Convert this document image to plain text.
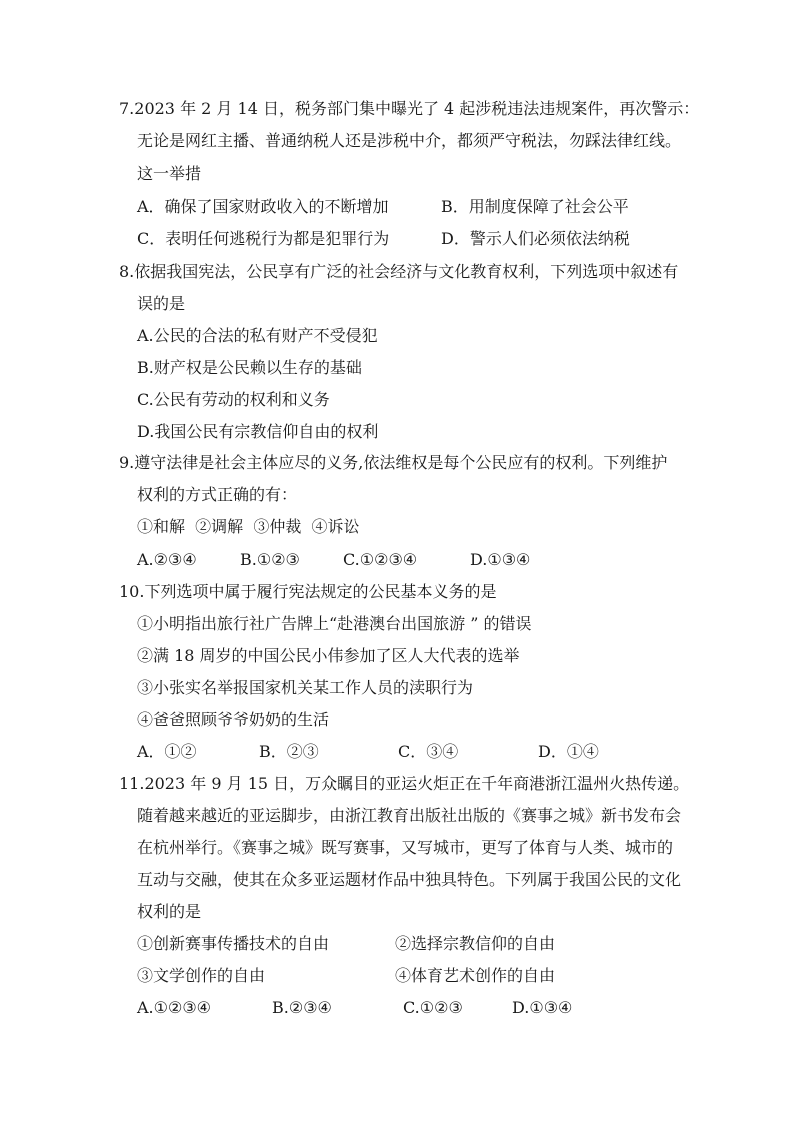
7.2023 年 2 月 14 日，税务部门集中曝光了 4 起涉税违法违规案件，再次警示：
无论是网红主播、普通纳税人还是涉税中介，都须严守税法，勿踩法律红线。
这一举措
A．确保了国家财政收入的不断增加	B．用制度保障了社会公平
C．表明任何逃税行为都是犯罪行为	D．警示人们必须依法纳税
8.依据我国宪法，公民享有广泛的社会经济与文化教育权利，下列选项中叙述有
误的是
A.公民的合法的私有财产不受侵犯
B.财产权是公民赖以生存的基础
C.公民有劳动的权利和义务
D.我国公民有宗教信仰自由的权利
9.遵守法律是社会主体应尽的义务,依法维权是每个公民应有的权利。下列维护
权利的方式正确的有：
①和解  ②调解  ③仲裁  ④诉讼
A.②③④	B.①②③	C.①②③④	D.①③④
10.下列选项中属于履行宪法规定的公民基本义务的是
①小明指出旅行社广告牌上“赴港澳台出国旅游 ” 的错误
②满 18 周岁的中国公民小伟参加了区人大代表的选举
③小张实名举报国家机关某工作人员的渎职行为
④爸爸照顾爷爷奶奶的生活
A．①②	B．②③	C．③④	D．①④
11.2023 年 9 月 15 日，万众瞩目的亚运火炬正在千年商港浙江温州火热传递。
随着越来越近的亚运脚步，由浙江教育出版社出版的《赛事之城》新书发布会
在杭州举行。《赛事之城》既写赛事，又写城市，更写了体育与人类、城市的
互动与交融，使其在众多亚运题材作品中独具特色。下列属于我国公民的文化
权利的是
①创新赛事传播技术的自由	②选择宗教信仰的自由
③文学创作的自由	④体育艺术创作的自由
A.①②③④	B.②③④	C.①②③	D.①③④
